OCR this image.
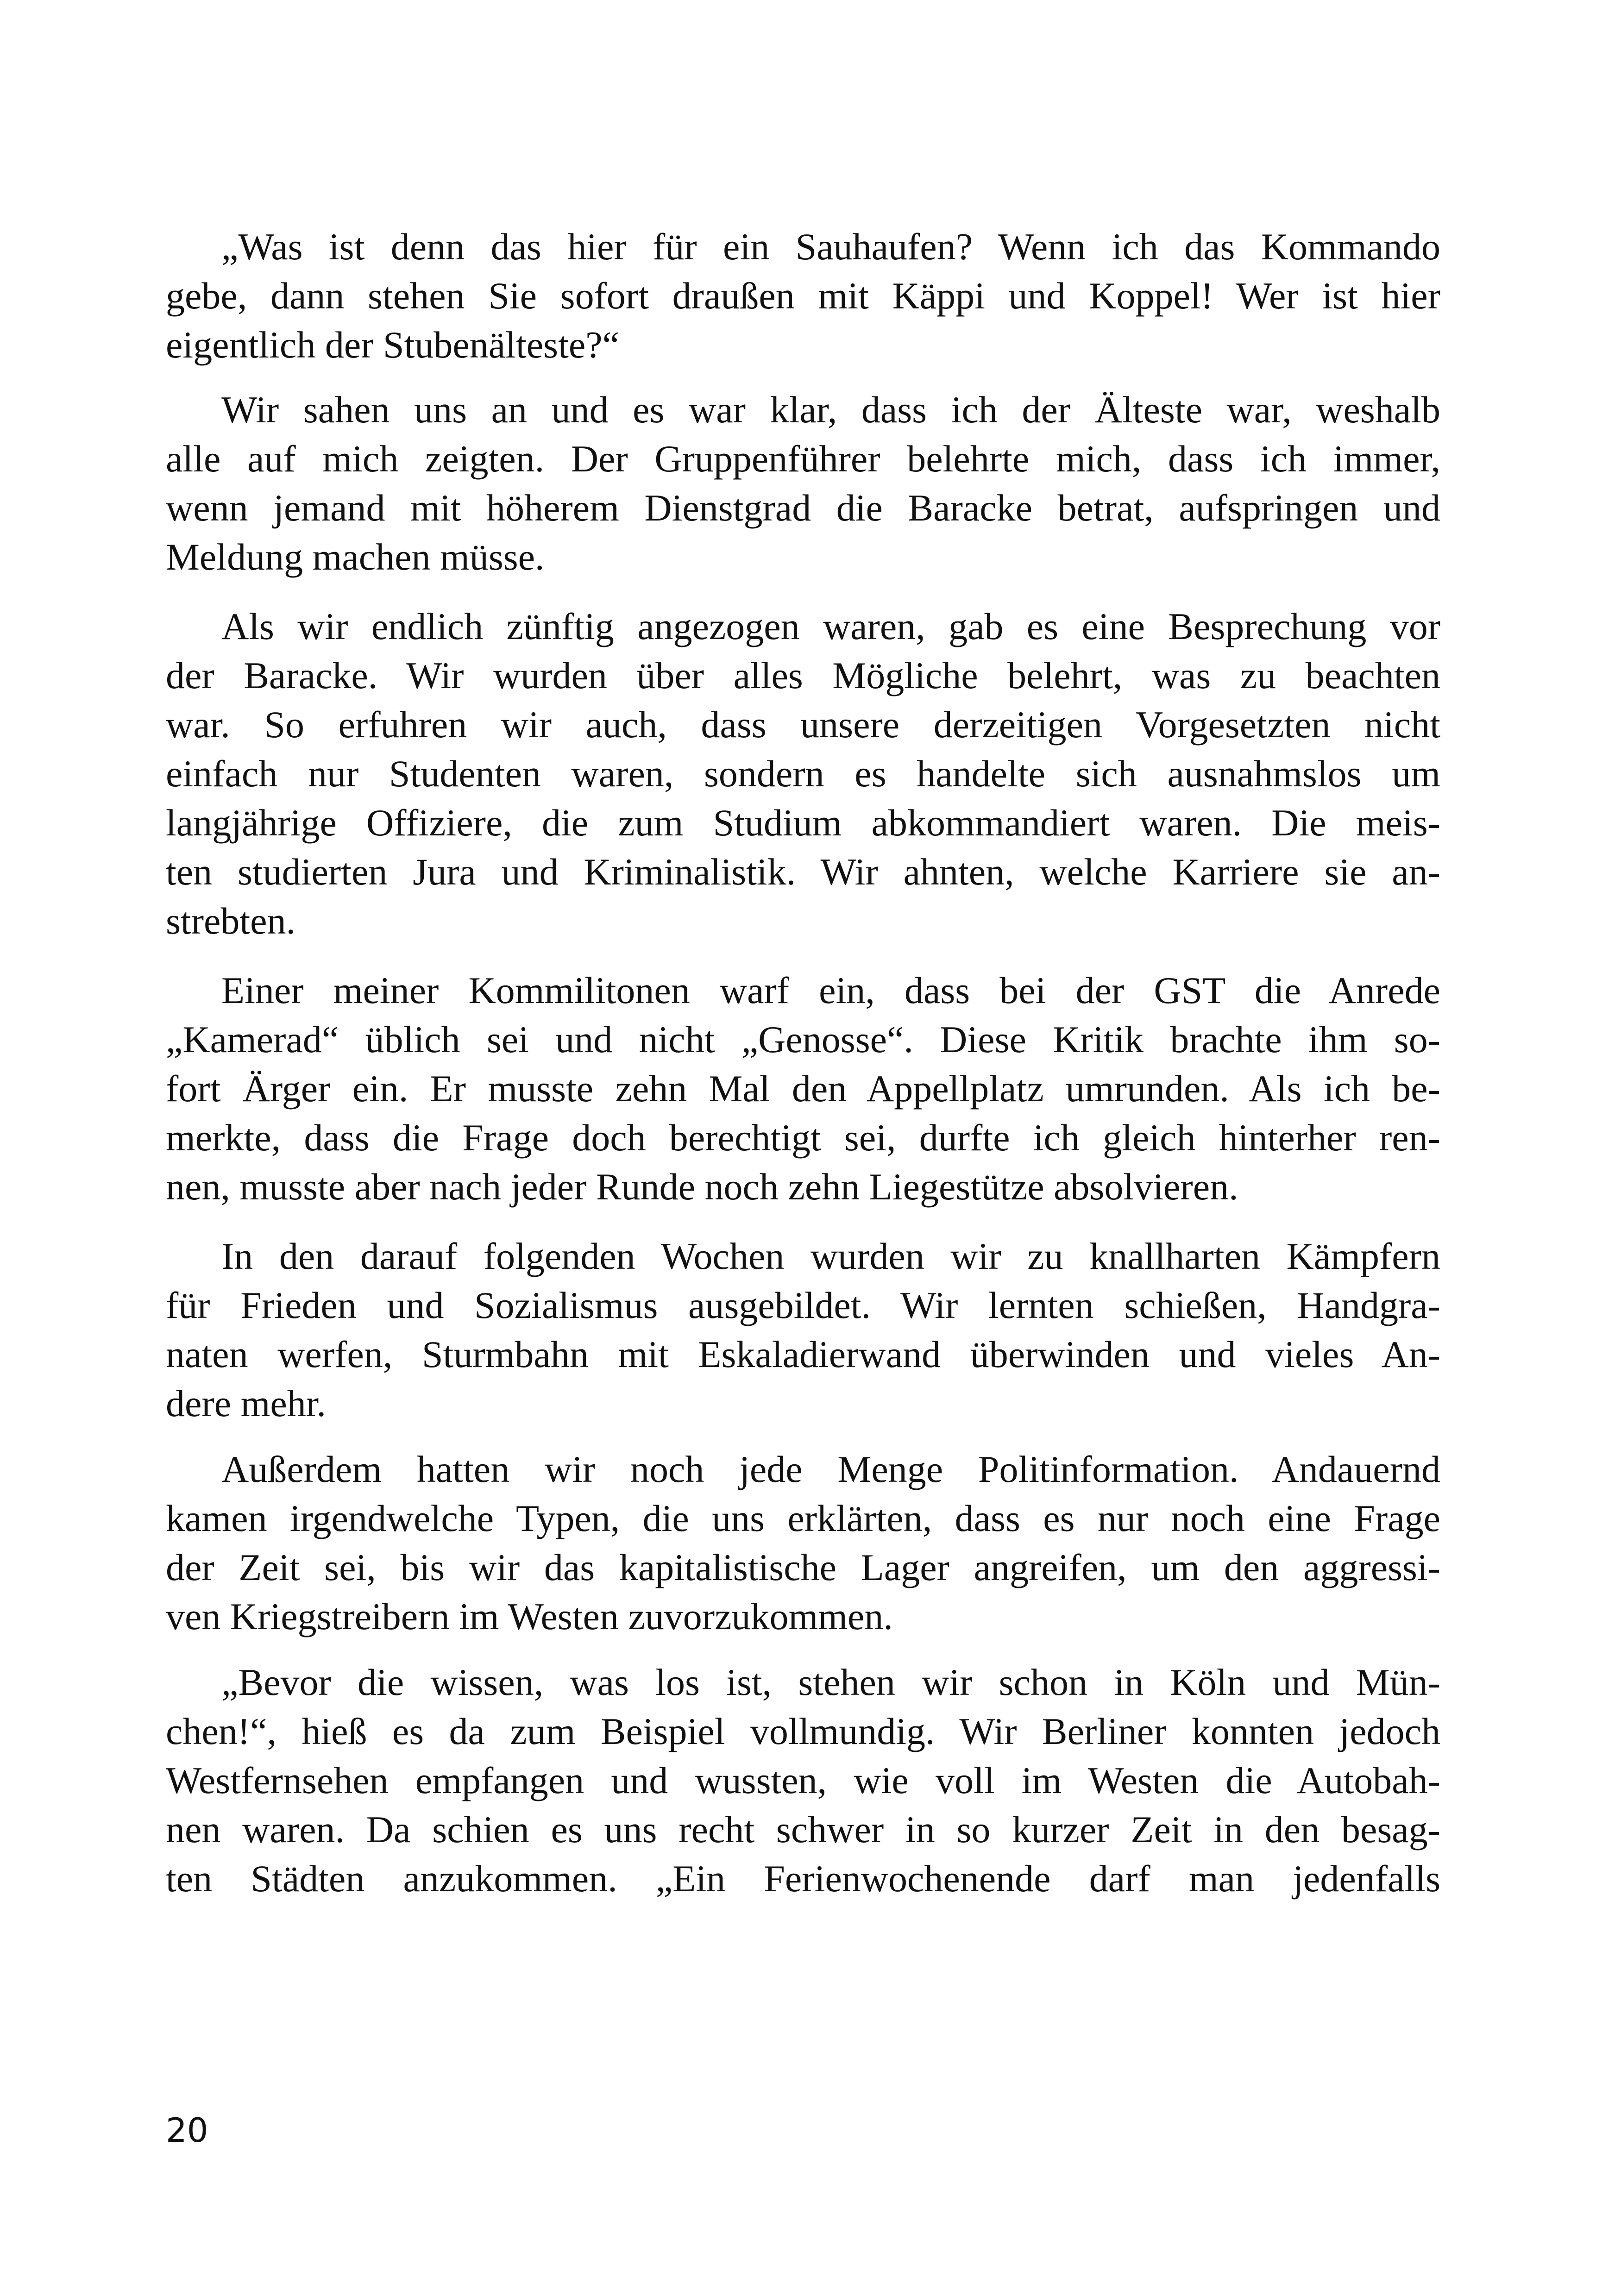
„Was ist denn das hier für ein Sauhaufen? Wenn ich das Kommando
gebe, dann stehen Sie sofort draußen mit Käppi und Koppel! Wer ist hier
eigentlich der Stubenälteste?“
Wir sahen uns an und es war klar, dass ich der Älteste war, weshalb
alle auf mich zeigten. Der Gruppenführer belehrte mich, dass ich immer,
wenn jemand mit höherem Dienstgrad die Baracke betrat, aufspringen und
Meldung machen müsse.
Als wir endlich zünftig angezogen waren, gab es eine Besprechung vor
der Baracke. Wir wurden über alles Mögliche belehrt, was zu beachten
war. So erfuhren wir auch, dass unsere derzeitigen Vorgesetzten nicht
einfach nur Studenten waren, sondern es handelte sich ausnahmslos um
langjährige Offiziere, die zum Studium abkommandiert waren. Die meis-
ten studierten Jura und Kriminalistik. Wir ahnten, welche Karriere sie an-
strebten.
Einer meiner Kommilitonen warf ein, dass bei der GST die Anrede
„Kamerad“ üblich sei und nicht „Genosse“. Diese Kritik brachte ihm so-
fort Ärger ein. Er musste zehn Mal den Appellplatz umrunden. Als ich be-
merkte, dass die Frage doch berechtigt sei, durfte ich gleich hinterher ren-
nen, musste aber nach jeder Runde noch zehn Liegestütze absolvieren.
In den darauf folgenden Wochen wurden wir zu knallharten Kämpfern
für Frieden und Sozialismus ausgebildet. Wir lernten schießen, Handgra-
naten werfen, Sturmbahn mit Eskaladierwand überwinden und vieles An-
dere mehr.
Außerdem hatten wir noch jede Menge Politinformation. Andauernd
kamen irgendwelche Typen, die uns erklärten, dass es nur noch eine Frage
der Zeit sei, bis wir das kapitalistische Lager angreifen, um den aggressi-
ven Kriegstreibern im Westen zuvorzukommen.
„Bevor die wissen, was los ist, stehen wir schon in Köln und Mün-
chen!“, hieß es da zum Beispiel vollmundig. Wir Berliner konnten jedoch
Westfernsehen empfangen und wussten, wie voll im Westen die Autobah-
nen waren. Da schien es uns recht schwer in so kurzer Zeit in den besag-
ten Städten anzukommen. „Ein Ferienwochenende darf man jedenfalls
20
